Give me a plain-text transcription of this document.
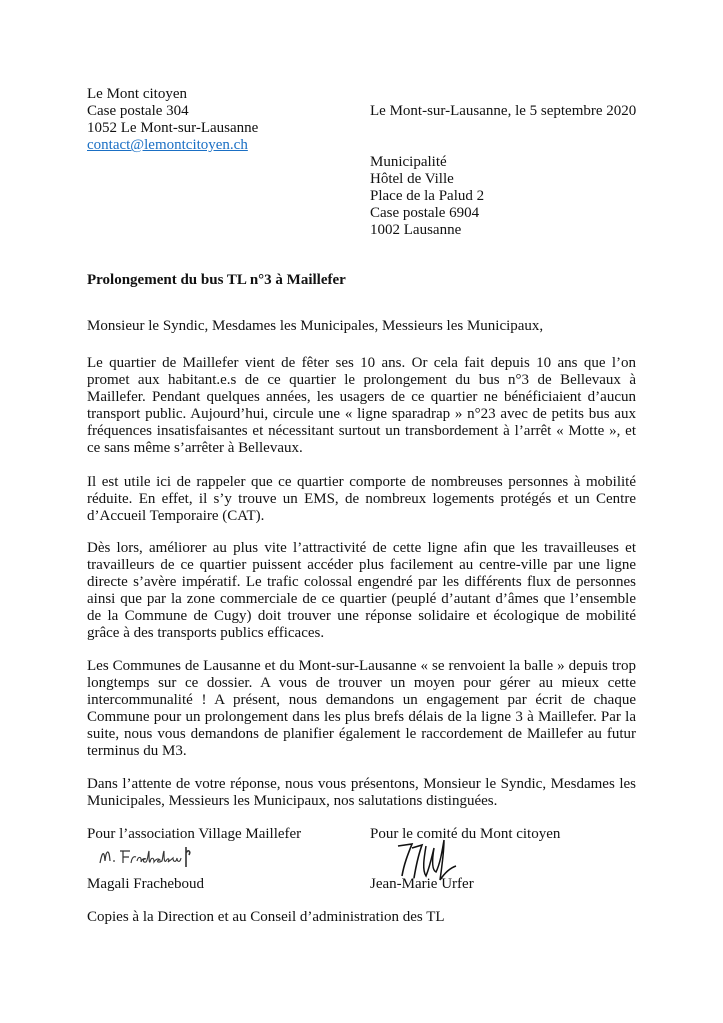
Le Mont citoyen
Case postale 304
1052 Le Mont-sur-Lausanne
contact@lemontcitoyen.ch
Le Mont-sur-Lausanne, le 5 septembre 2020
Municipalité
Hôtel de Ville
Place de la Palud 2
Case postale 6904
1002 Lausanne
Prolongement du bus TL n°3 à Maillefer
Monsieur le Syndic, Mesdames les Municipales, Messieurs les Municipaux,

Le quartier de Maillefer vient de fêter ses 10 ans. Or cela fait depuis 10 ans que l’on promet aux habitant.e.s de ce quartier le prolongement du bus n°3 de Bellevaux à Maillefer. Pendant quelques années, les usagers de ce quartier ne bénéficiaient d’aucun transport public. Aujourd’hui, circule une « ligne sparadrap » n°23 avec de petits bus aux fréquences insatisfaisantes et nécessitant surtout un transbordement à l’arrêt « Motte », et ce sans même s’arrêter à Bellevaux.

Il est utile ici de rappeler que ce quartier comporte de nombreuses personnes à mobilité réduite. En effet, il s’y trouve un EMS, de nombreux logements protégés et un Centre d’Accueil Temporaire (CAT).

Dès lors, améliorer au plus vite l’attractivité de cette ligne afin que les travailleuses et travailleurs de ce quartier puissent accéder plus facilement au centre-ville par une ligne directe s’avère impératif. Le trafic colossal engendré par les différents flux de personnes ainsi que par la zone commerciale de ce quartier (peuplé d’autant d’âmes que l’ensemble de la Commune de Cugy) doit trouver une réponse solidaire et écologique de mobilité grâce à des transports publics efficaces.

Les Communes de Lausanne et du Mont-sur-Lausanne « se renvoient la balle » depuis trop longtemps sur ce dossier. A vous de trouver un moyen pour gérer au mieux cette intercommunalité ! A présent, nous demandons un engagement par écrit de chaque Commune pour un prolongement dans les plus brefs délais de la ligne 3 à Maillefer. Par la suite, nous vous demandons de planifier également le raccordement de Maillefer au futur terminus du M3.

Dans l’attente de votre réponse, nous vous présentons, Monsieur le Syndic, Mesdames les Municipales, Messieurs les Municipaux, nos salutations distinguées.

Pour l’association Village Maillefer	Pour le comité du Mont citoyen
Magali Fracheboud	Jean-Marie Urfer
Copies à la Direction et au Conseil d’administration des TL
